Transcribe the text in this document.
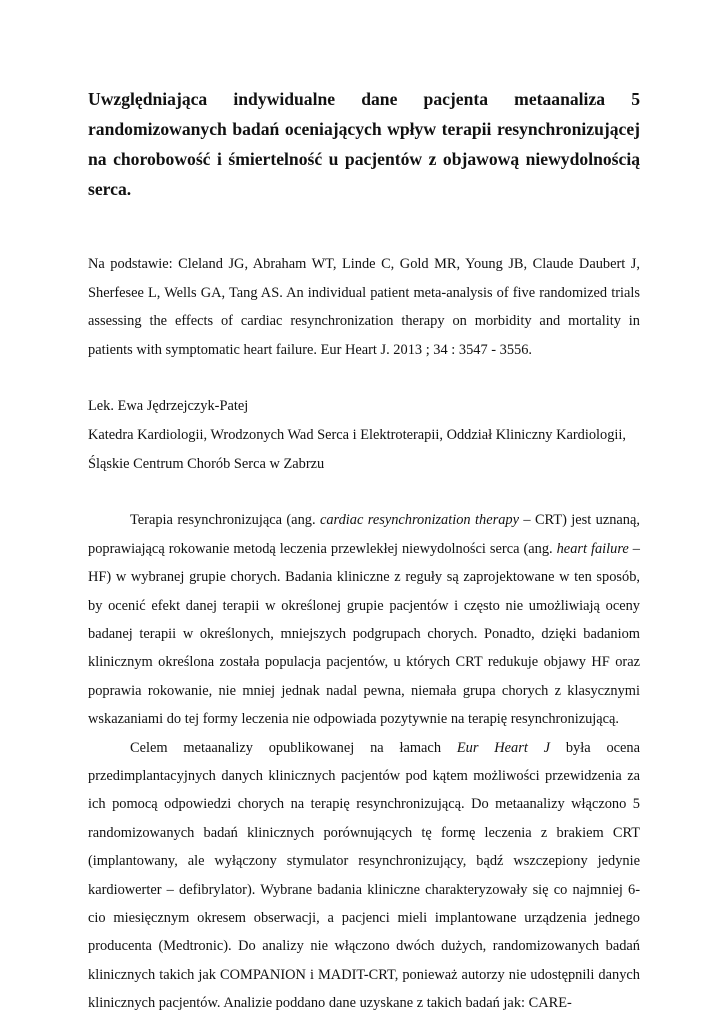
Uwzględniająca indywidualne dane pacjenta metaanaliza 5 randomizowanych badań oceniających wpływ terapii resynchronizującej na chorobowość i śmiertelność u pacjentów z objawową niewydolnością serca.
Na podstawie: Cleland JG, Abraham WT, Linde C, Gold MR, Young JB, Claude Daubert J, Sherfesee L, Wells GA, Tang AS. An individual patient meta-analysis of five randomized trials assessing the effects of cardiac resynchronization therapy on morbidity and mortality in patients with symptomatic heart failure. Eur Heart J. 2013 ; 34 : 3547 - 3556.
Lek. Ewa Jędrzejczyk-Patej
Katedra Kardiologii, Wrodzonych Wad Serca i Elektroterapii, Oddział Kliniczny Kardiologii,
Śląskie Centrum Chorób Serca w Zabrzu

Terapia resynchronizująca (ang. cardiac resynchronization therapy – CRT) jest uznaną, poprawiającą rokowanie metodą leczenia przewlekłej niewydolności serca (ang. heart failure – HF) w wybranej grupie chorych. Badania kliniczne z reguły są zaprojektowane w ten sposób, by ocenić efekt danej terapii w określonej grupie pacjentów i często nie umożliwiają oceny badanej terapii w określonych, mniejszych podgrupach chorych. Ponadto, dzięki badaniom klinicznym określona została populacja pacjentów, u których CRT redukuje objawy HF oraz poprawia rokowanie, nie mniej jednak nadal pewna, niemała grupa chorych z klasycznymi wskazaniami do tej formy leczenia nie odpowiada pozytywnie na terapię resynchronizującą.

Celem metaanalizy opublikowanej na łamach Eur Heart J była ocena przedimplantacyjnych danych klinicznych pacjentów pod kątem możliwości przewidzenia za ich pomocą odpowiedzi chorych na terapię resynchronizującą. Do metaanalizy włączono 5 randomizowanych badań klinicznych porównujących tę formę leczenia z brakiem CRT (implantowany, ale wyłączony stymulator resynchronizujący, bądź wszczepiony jedynie kardiowerter – defibrylator). Wybrane badania kliniczne charakteryzowały się co najmniej 6-cio miesięcznym okresem obserwacji, a pacjenci mieli implantowane urządzenia jednego producenta (Medtronic). Do analizy nie włączono dwóch dużych, randomizowanych badań klinicznych takich jak COMPANION i MADIT-CRT, ponieważ autorzy nie udostępnili danych klinicznych pacjentów. Analizie poddano dane uzyskane z takich badań jak: CARE-
